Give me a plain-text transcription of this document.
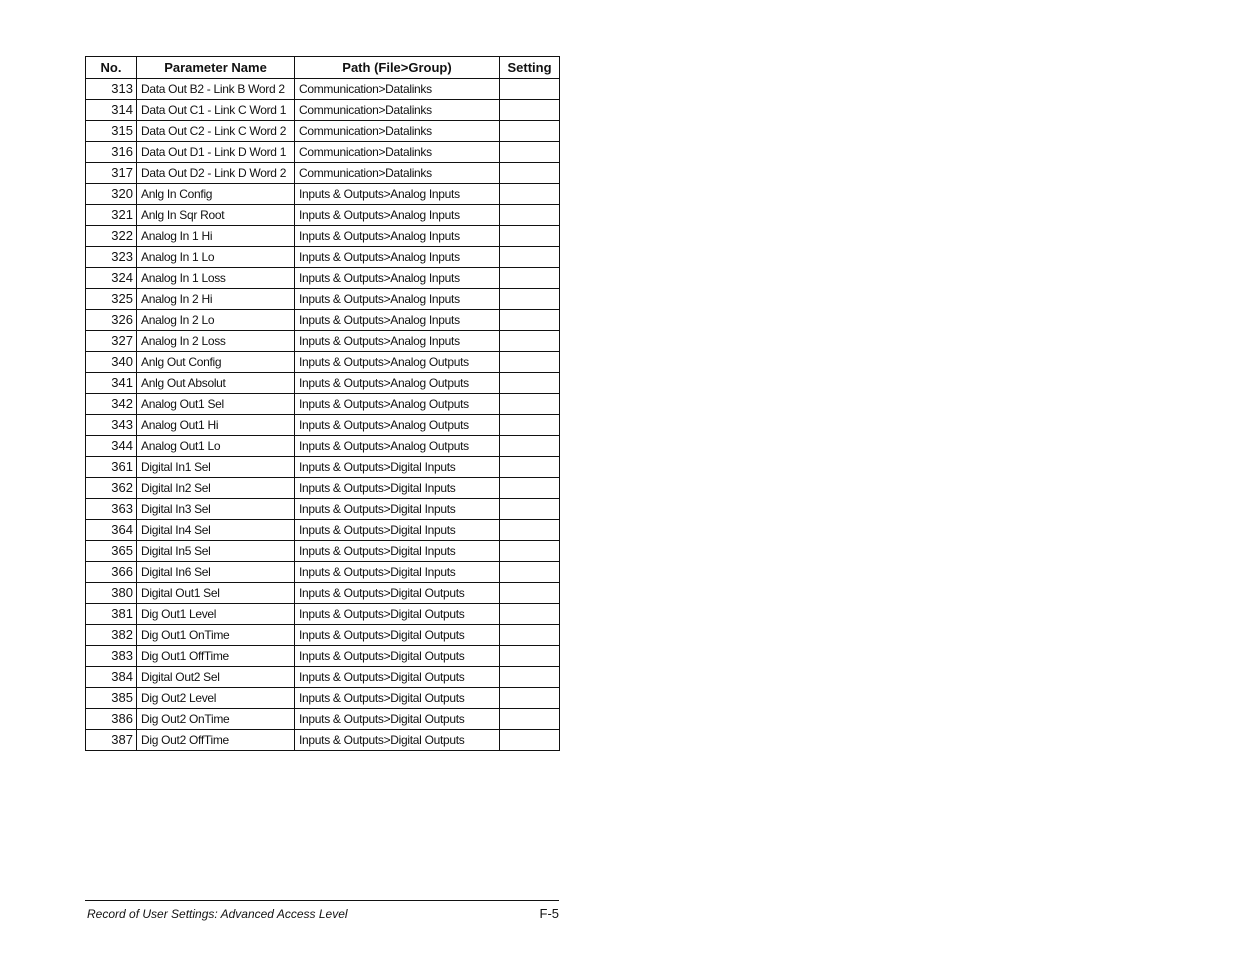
No.	Parameter Name	Path (File>Group)	Setting
313	Data Out B2 - Link B Word 2	Communication>Datalinks	
314	Data Out C1 - Link C Word 1	Communication>Datalinks	
315	Data Out C2 - Link C Word 2	Communication>Datalinks	
316	Data Out D1 - Link D Word 1	Communication>Datalinks	
317	Data Out D2 - Link D Word 2	Communication>Datalinks	
320	Anlg In Config	Inputs & Outputs>Analog Inputs	
321	Anlg In Sqr Root	Inputs & Outputs>Analog Inputs	
322	Analog In 1 Hi	Inputs & Outputs>Analog Inputs	
323	Analog In 1 Lo	Inputs & Outputs>Analog Inputs	
324	Analog In 1 Loss	Inputs & Outputs>Analog Inputs	
325	Analog In 2 Hi	Inputs & Outputs>Analog Inputs	
326	Analog In 2 Lo	Inputs & Outputs>Analog Inputs	
327	Analog In 2 Loss	Inputs & Outputs>Analog Inputs	
340	Anlg Out Config	Inputs & Outputs>Analog Outputs	
341	Anlg Out Absolut	Inputs & Outputs>Analog Outputs	
342	Analog Out1 Sel	Inputs & Outputs>Analog Outputs	
343	Analog Out1 Hi	Inputs & Outputs>Analog Outputs	
344	Analog Out1 Lo	Inputs & Outputs>Analog Outputs	
361	Digital In1 Sel	Inputs & Outputs>Digital Inputs	
362	Digital In2 Sel	Inputs & Outputs>Digital Inputs	
363	Digital In3 Sel	Inputs & Outputs>Digital Inputs	
364	Digital In4 Sel	Inputs & Outputs>Digital Inputs	
365	Digital In5 Sel	Inputs & Outputs>Digital Inputs	
366	Digital In6 Sel	Inputs & Outputs>Digital Inputs	
380	Digital Out1 Sel	Inputs & Outputs>Digital Outputs	
381	Dig Out1 Level	Inputs & Outputs>Digital Outputs	
382	Dig Out1 OnTime	Inputs & Outputs>Digital Outputs	
383	Dig Out1 OffTime	Inputs & Outputs>Digital Outputs	
384	Digital Out2 Sel	Inputs & Outputs>Digital Outputs	
385	Dig Out2 Level	Inputs & Outputs>Digital Outputs	
386	Dig Out2 OnTime	Inputs & Outputs>Digital Outputs	
387	Dig Out2 OffTime	Inputs & Outputs>Digital Outputs	
Record of User Settings: Advanced Access Level	F-5
